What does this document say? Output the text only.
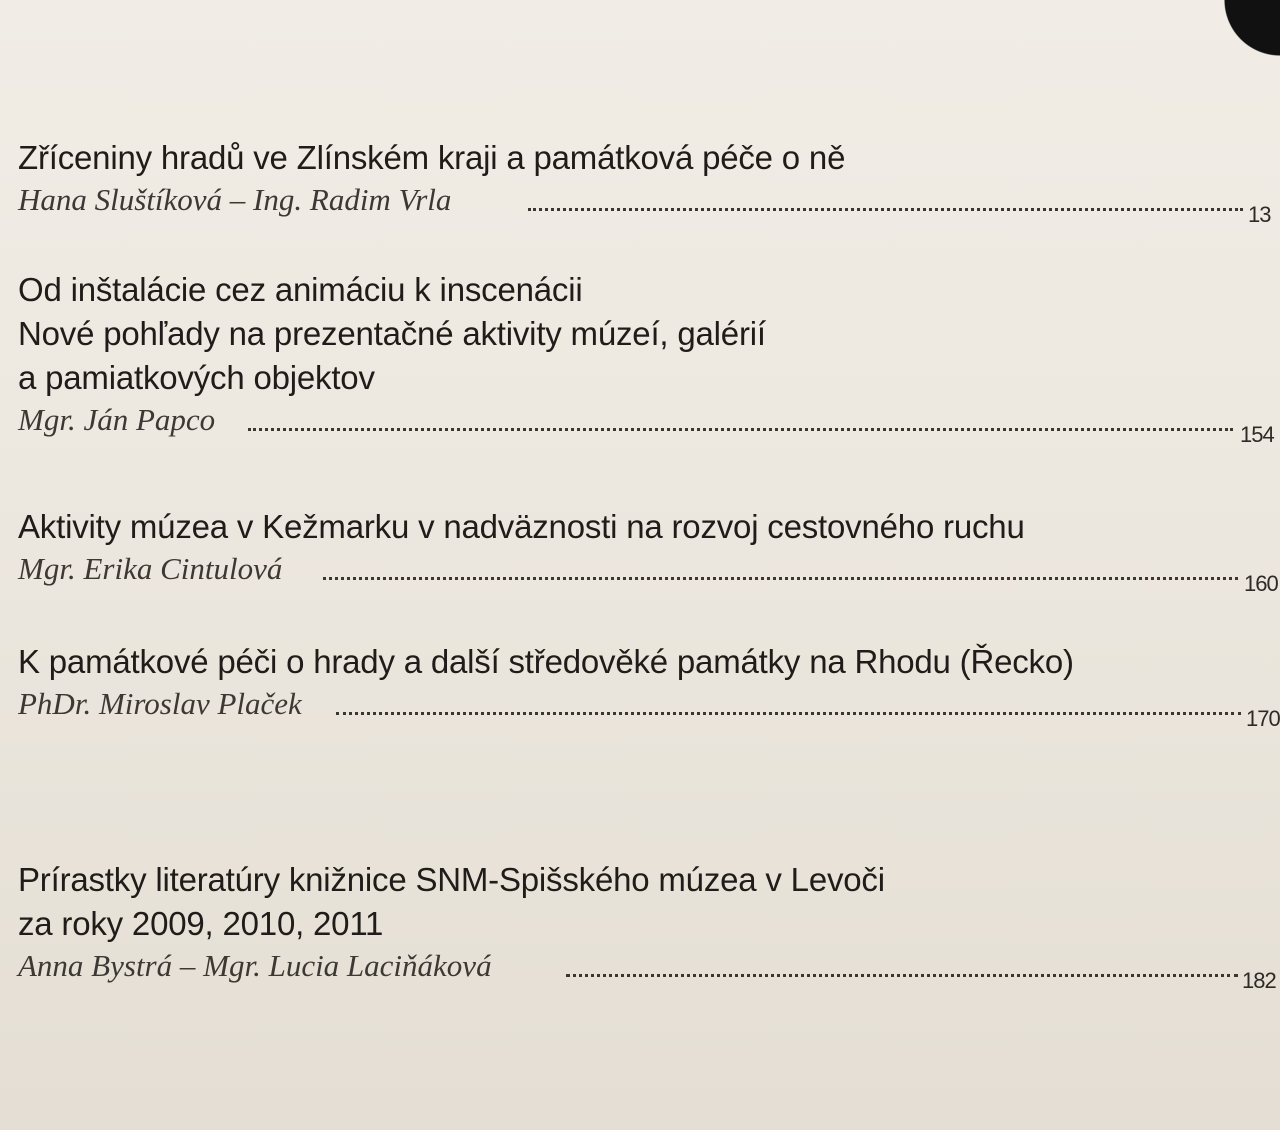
Zříceniny hradů ve Zlínském kraji a památková péče o ně
Hana Sluštíková – Ing. Radim Vrla	13
Od inštalácie cez animáciu k inscenácii
Nové pohľady na prezentačné aktivity múzeí, galérií
a pamiatkových objektov
Mgr. Ján Papco	154
Aktivity múzea v Kežmarku v nadväznosti na rozvoj cestovného ruchu
Mgr. Erika Cintulová	160
K památkové péči o hrady a další středověké památky na Rhodu (Řecko)
PhDr. Miroslav Plaček	170
Prírastky literatúry knižnice SNM-Spišského múzea v Levoči
za roky 2009, 2010, 2011
Anna Bystrá – Mgr. Lucia Laciňáková	182
